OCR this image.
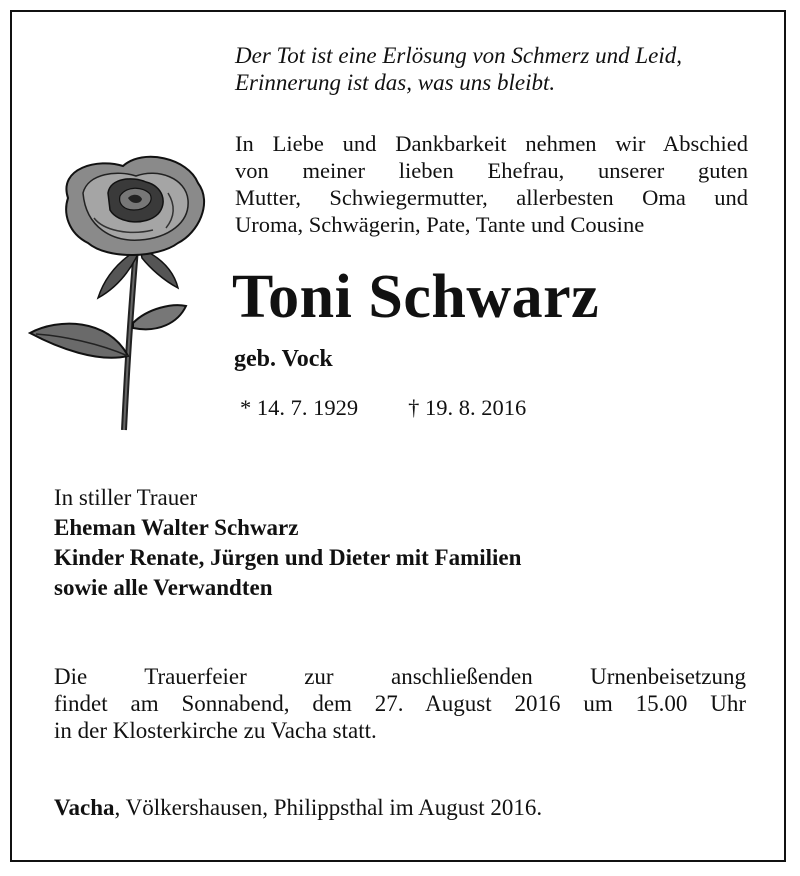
Der Tot ist eine Erlösung von Schmerz und Leid,
Erinnerung ist das, was uns bleibt.
In Liebe und Dankbarkeit nehmen wir Abschied
von meiner lieben Ehefrau, unserer guten
Mutter, Schwiegermutter, allerbesten Oma und
Uroma, Schwägerin, Pate, Tante und Cousine
Toni Schwarz
geb. Vock
* 14. 7. 1929 † 19. 8. 2016
In stiller Trauer
Eheman Walter Schwarz
Kinder Renate, Jürgen und Dieter mit Familien
sowie alle Verwandten
Die Trauerfeier zur anschließenden Urnenbeisetzung
findet am Sonnabend, dem 27. August 2016 um 15.00 Uhr
in der Klosterkirche zu Vacha statt.
Vacha, Völkershausen, Philippsthal im August 2016.
